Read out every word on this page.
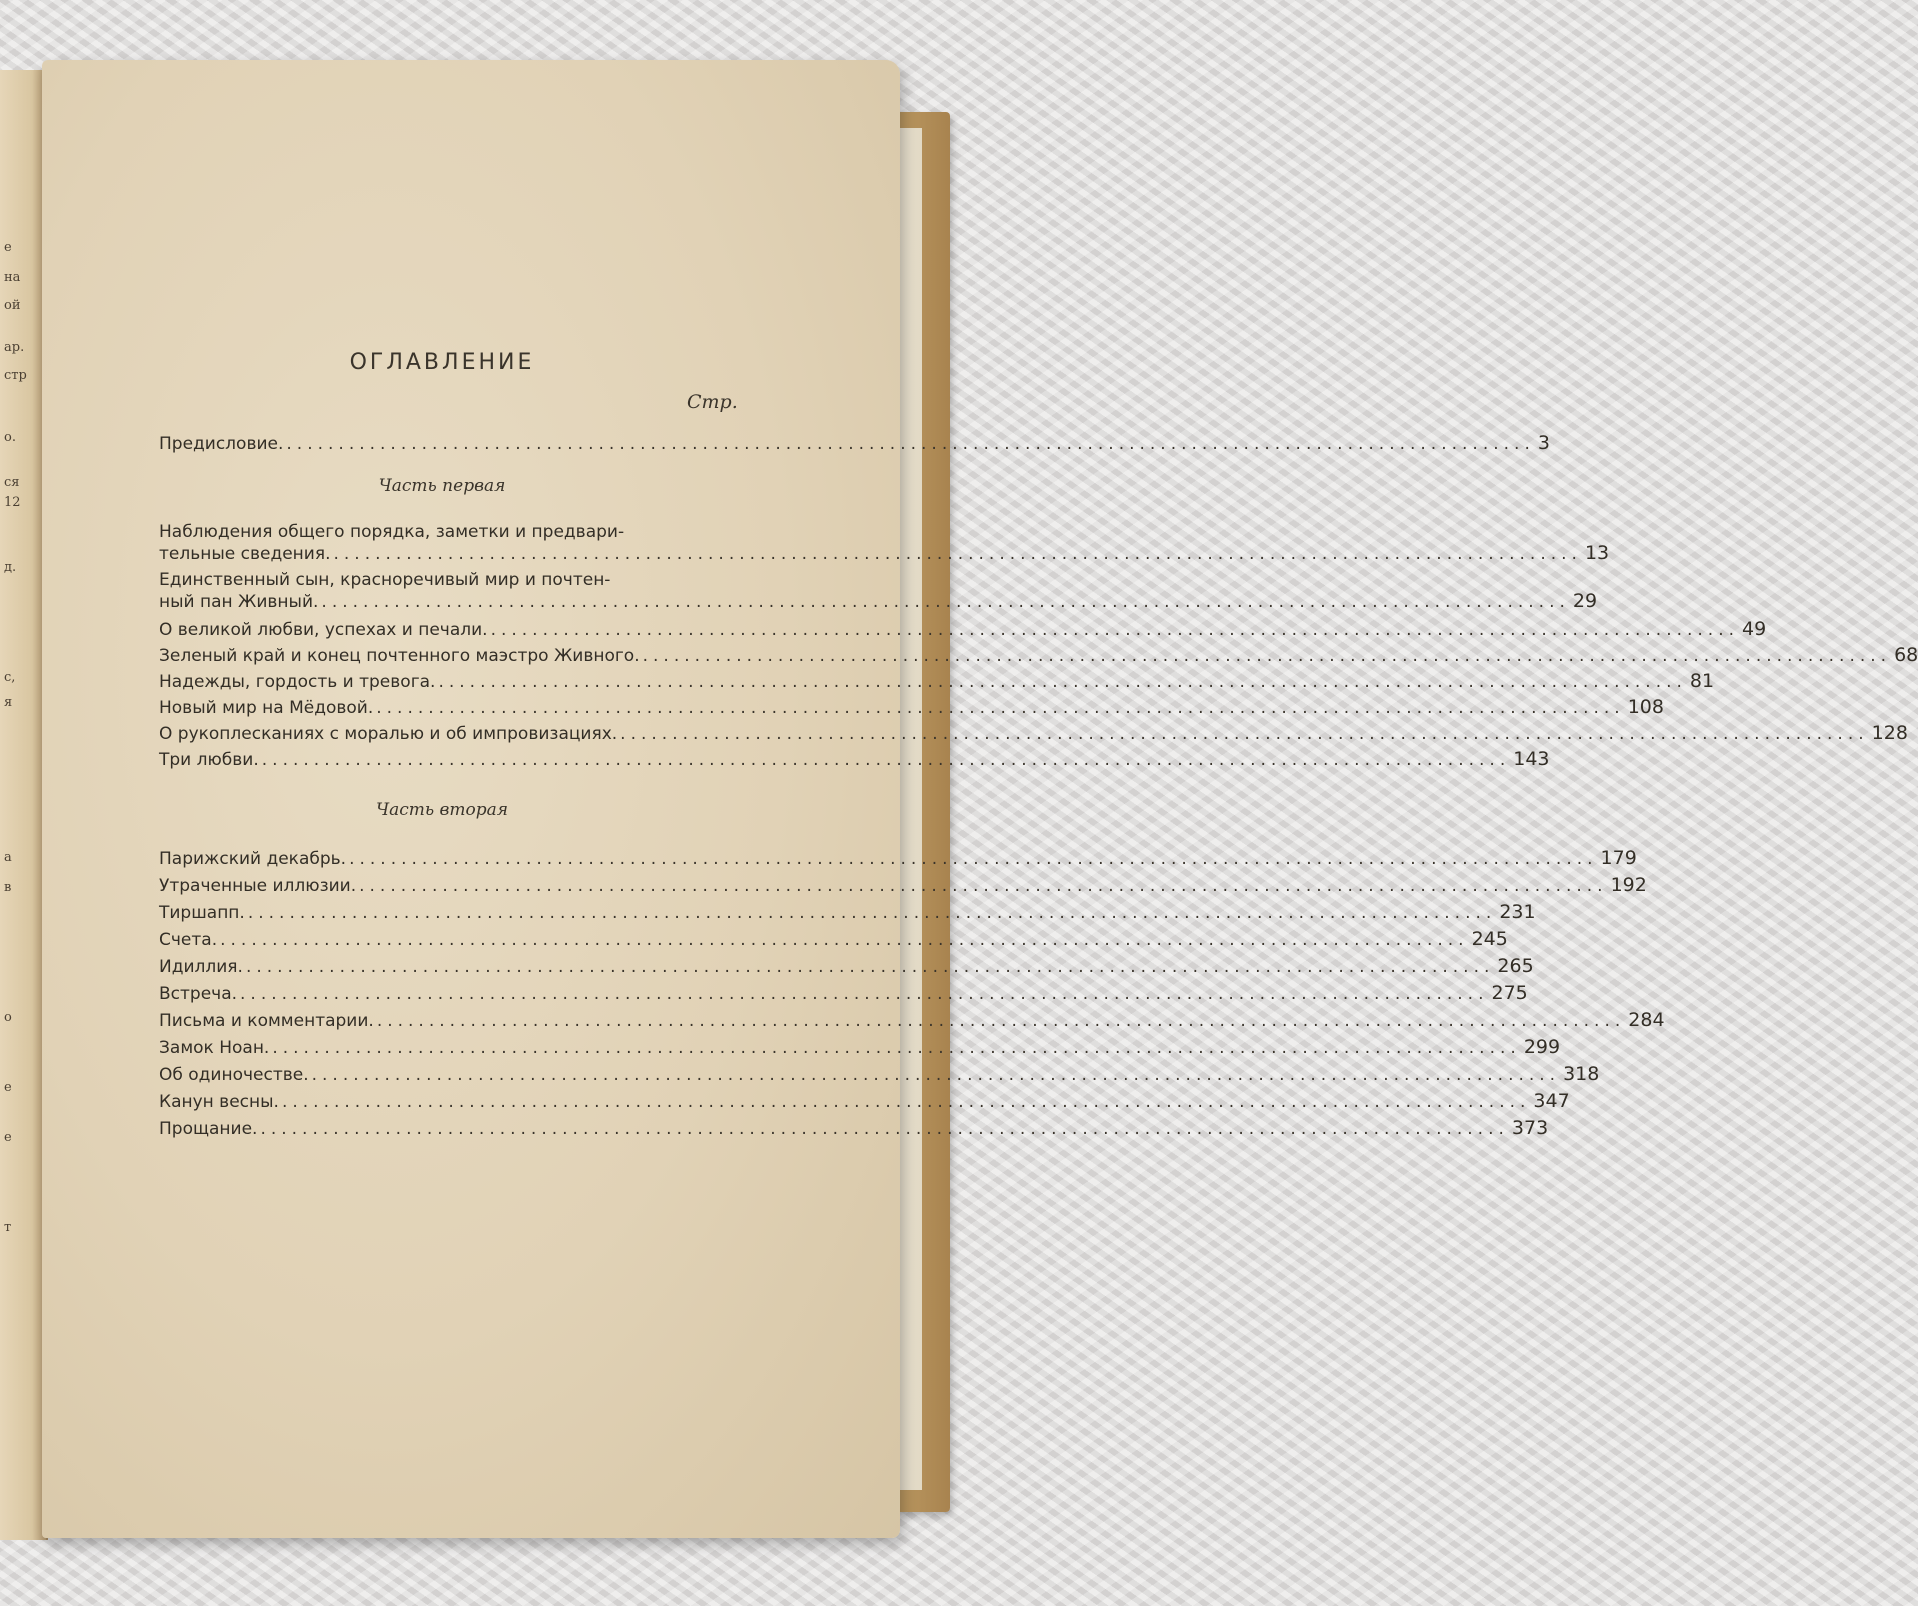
е
на
ой
ар.
стр
о.
ся
12
д.
с,
я
а
в
о
е
е
т
ОГЛАВЛЕНИЕ
Стр.
Предисловие. ........................................................................................................................ 3
Часть первая
Наблюдения общего порядка, заметки и предвари-
тельные сведения. ........................................................................................................................ 13
Единственный сын, красноречивый мир и почтен-
ный пан Живный. ........................................................................................................................ 29
О великой любви, успехах и печали. ........................................................................................................................ 49
Зеленый край и конец почтенного маэстро Живного. ........................................................................................................................ 68
Надежды, гордость и тревога. ........................................................................................................................ 81
Новый мир на Мёдовой. ........................................................................................................................ 108
О рукоплесканиях с моралью и об импровизациях. ........................................................................................................................ 128
Три любви. ........................................................................................................................ 143
Часть вторая
Парижский декабрь. ........................................................................................................................ 179
Утраченные иллюзии. ........................................................................................................................ 192
Тиршапп. ........................................................................................................................ 231
Счета. ........................................................................................................................ 245
Идиллия. ........................................................................................................................ 265
Встреча. ........................................................................................................................ 275
Письма и комментарии. ........................................................................................................................ 284
Замок Ноан. ........................................................................................................................ 299
Об одиночестве. ........................................................................................................................ 318
Канун весны. ........................................................................................................................ 347
Прощание. ........................................................................................................................ 373
